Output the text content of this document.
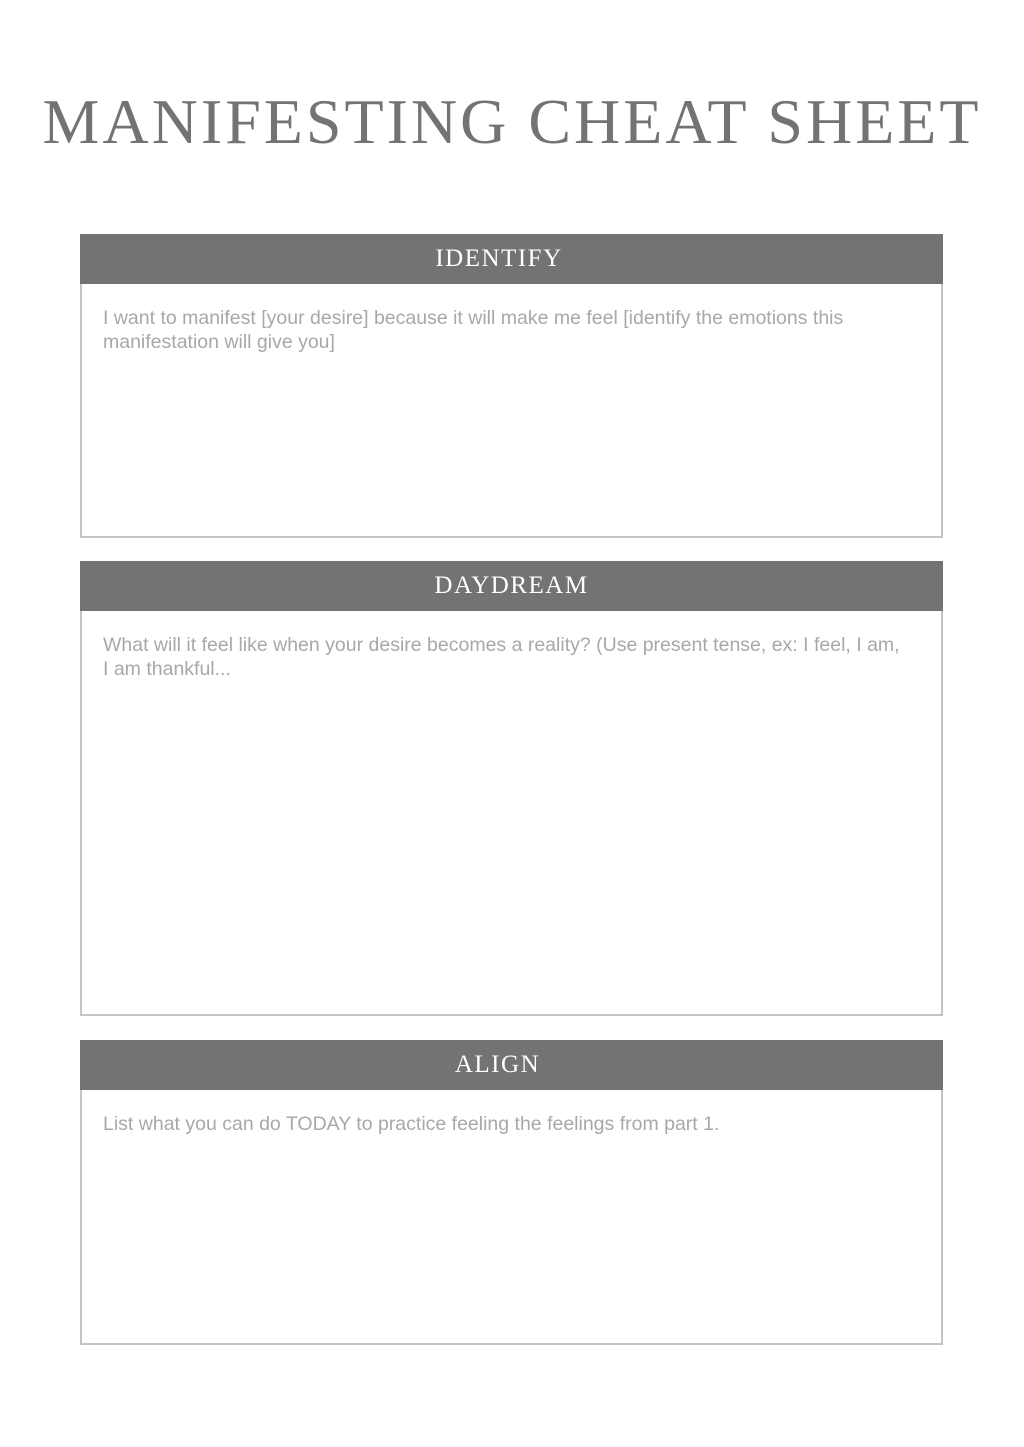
MANIFESTING CHEAT SHEET
IDENTIFY
I want to manifest [your desire] because it will make me feel [identify the emotions this manifestation will give you]
DAYDREAM
What will it feel like when your desire becomes a reality? (Use present tense, ex: I feel, I am, I am thankful...
ALIGN
List what you can do TODAY to practice feeling the feelings from part 1.
